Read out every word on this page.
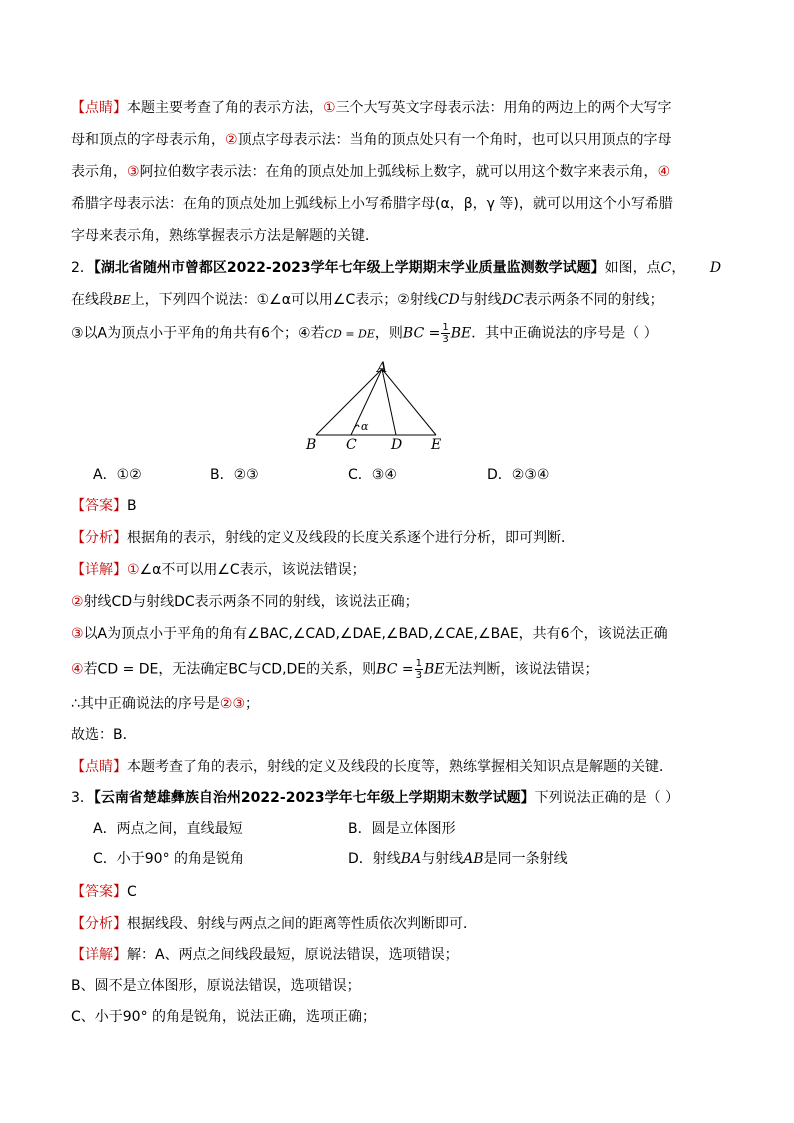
【点睛】本题主要考查了角的表示方法，①三个大写英文字母表示法：用角的两边上的两个大写字
母和顶点的字母表示角，②顶点字母表示法：当角的顶点处只有一个角时，也可以只用顶点的字母
表示角，③阿拉伯数字表示法：在角的顶点处加上弧线标上数字，就可以用这个数字来表示角，④
希腊字母表示法：在角的顶点处加上弧线标上小写希腊字母(α，β，γ 等)，就可以用这个小写希腊
字母来表示角，熟练掌握表示方法是解题的关键．
2．【湖北省随州市曾都区2022-2023学年七年级上学期期末学业质量监测数学试题】如图，点C， D
在线段BE上，下列四个说法：①∠α可以用∠C表示；②射线CD与射线DC表示两条不同的射线；
③以A为顶点小于平角的角共有6个；④若CD = DE，则BC = $\frac{1}{3}$ BE．其中正确说法的序号是（ ）
A
B C D E
α
A．①②	B．②③	C．③④	D．②③④
【答案】B
【分析】根据角的表示，射线的定义及线段的长度关系逐个进行分析，即可判断．
【详解】①∠α不可以用∠C表示，该说法错误；
②射线CD与射线DC表示两条不同的射线，该说法正确；
③以A为顶点小于平角的角有∠BAC,∠CAD,∠DAE,∠BAD,∠CAE,∠BAE，共有6个，该说法正确
④若CD = DE，无法确定BC与CD,DE的关系，则BC = $\frac{1}{3}$ BE无法判断，该说法错误；
∴其中正确说法的序号是②③；
故选：B．
【点睛】本题考查了角的表示，射线的定义及线段的长度等，熟练掌握相关知识点是解题的关键．
3．【云南省楚雄彝族自治州2022-2023学年七年级上学期期末数学试题】下列说法正确的是（ ）
A．两点之间，直线最短	B．圆是立体图形
C．小于90° 的角是锐角	D．射线BA与射线AB是同一条射线
【答案】C
【分析】根据线段、射线与两点之间的距离等性质依次判断即可．
【详解】解：A、两点之间线段最短，原说法错误，选项错误；
B、圆不是立体图形，原说法错误，选项错误；
C、小于90° 的角是锐角，说法正确，选项正确；
